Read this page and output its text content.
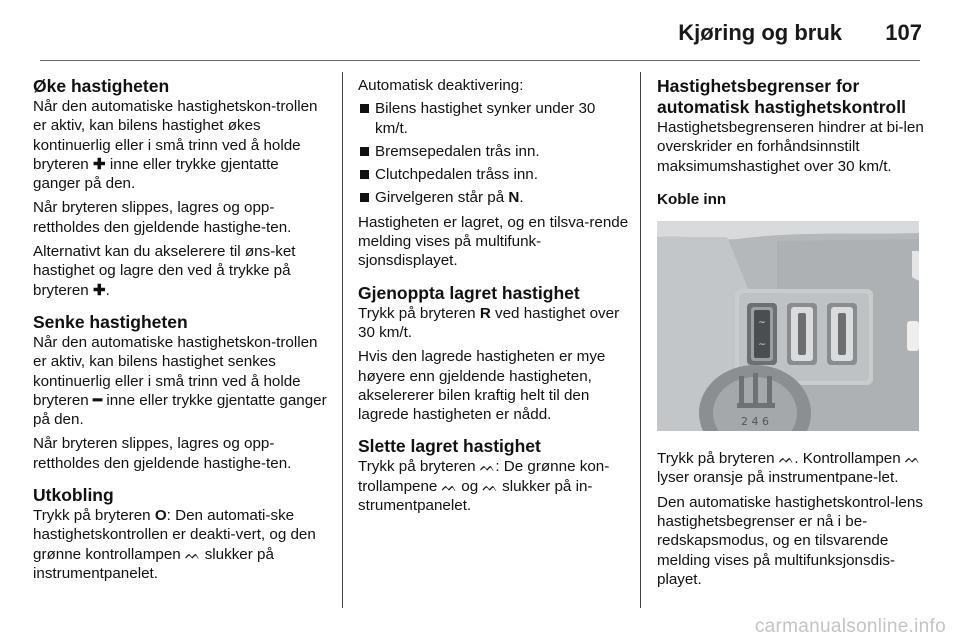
Kjøring og bruk 107
Øke hastigheten

Når den automatiske hastighetskon-trollen er aktiv, kan bilens hastighet økes kontinuerlig eller i små trinn ved å holde bryteren ✚ inne eller trykke gjentatte ganger på den.

Når bryteren slippes, lagres og opp-rettholdes den gjeldende hastighe-ten.

Alternativt kan du akselerere til øns-ket hastighet og lagre den ved å trykke på bryteren ✚.

Senke hastigheten

Når den automatiske hastighetskon-trollen er aktiv, kan bilens hastighet senkes kontinuerlig eller i små trinn ved å holde bryteren ━ inne eller trykke gjentatte ganger på den.

Når bryteren slippes, lagres og opp-rettholdes den gjeldende hastighe-ten.

Utkobling

Trykk på bryteren O: Den automati-ske hastighetskontrollen er deakti-vert, og den grønne kontrollampen ᨓ slukker på instrumentpanelet.

Automatisk deaktivering:
Bilens hastighet synker under 30 km/t.
Bremsepedalen trås inn.
Clutchpedalen tråss inn.
Girvelgeren står på N.

Hastigheten er lagret, og en tilsva-rende melding vises på multifunk-sjonsdisplayet.

Gjenoppta lagret hastighet

Trykk på bryteren R ved hastighet over 30 km/t.

Hvis den lagrede hastigheten er mye høyere enn gjeldende hastigheten, akselererer bilen kraftig helt til den lagrede hastigheten er nådd.

Slette lagret hastighet

Trykk på bryteren ᨓ: De grønne kon-trollampene ᨓ og ᨓ slukker på in-strumentpanelet.

Hastighetsbegrenser for automatisk hastighetskontroll

Hastighetsbegrenseren hindrer at bi-len overskrider en forhåndsinnstilt maksimumshastighet over 30 km/t.

Koble inn

~
~
2 4 6

Trykk på bryteren ᨓ. Kontrollampen ᨓ lyser oransje på instrumentpane-let.

Den automatiske hastighetskontrol-lens hastighetsbegrenser er nå i be-redskapsmodus, og en tilsvarende melding vises på multifunksjonsdis-playet.

carmanualsonline.info
